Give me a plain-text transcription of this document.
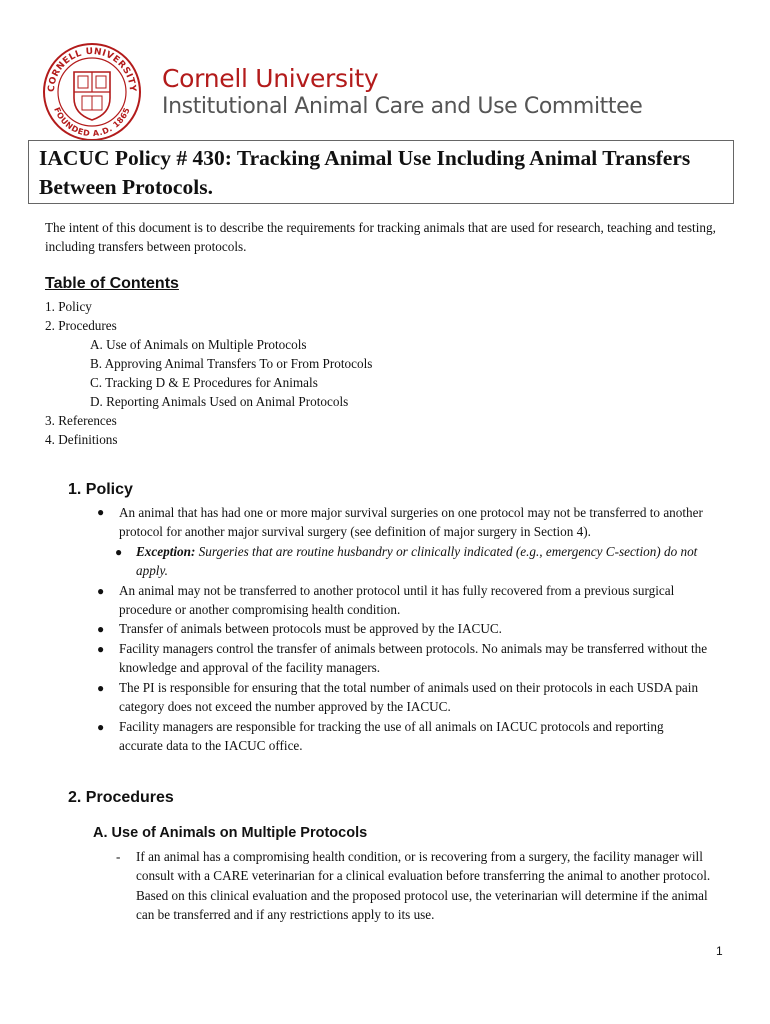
CORNELL UNIVERSITY
FOUNDED A.D. 1865
Cornell University
Institutional Animal Care and Use Committee
IACUC Policy # 430: Tracking Animal Use Including Animal Transfers Between Protocols.
The intent of this document is to describe the requirements for tracking animals that are used for research, teaching and testing, including transfers between protocols.
Table of Contents
1. Policy
2. Procedures
A. Use of Animals on Multiple Protocols
B. Approving Animal Transfers To or From Protocols
C. Tracking D & E Procedures for Animals
D. Reporting Animals Used on Animal Protocols
3. References
4. Definitions
1. Policy
● An animal that has had one or more major survival surgeries on one protocol may not be transferred to another protocol for another major survival surgery (see definition of major surgery in Section 4).
● Exception: Surgeries that are routine husbandry or clinically indicated (e.g., emergency C-section) do not apply.
● An animal may not be transferred to another protocol until it has fully recovered from a previous surgical procedure or another compromising health condition.
● Transfer of animals between protocols must be approved by the IACUC.
● Facility managers control the transfer of animals between protocols. No animals may be transferred without the knowledge and approval of the facility managers.
● The PI is responsible for ensuring that the total number of animals used on their protocols in each USDA pain category does not exceed the number approved by the IACUC.
● Facility managers are responsible for tracking the use of all animals on IACUC protocols and reporting accurate data to the IACUC office.
2. Procedures
A. Use of Animals on Multiple Protocols
- If an animal has a compromising health condition, or is recovering from a surgery, the facility manager will consult with a CARE veterinarian for a clinical evaluation before transferring the animal to another protocol. Based on this clinical evaluation and the proposed protocol use, the veterinarian will determine if the animal can be transferred and if any restrictions apply to its use.
1
